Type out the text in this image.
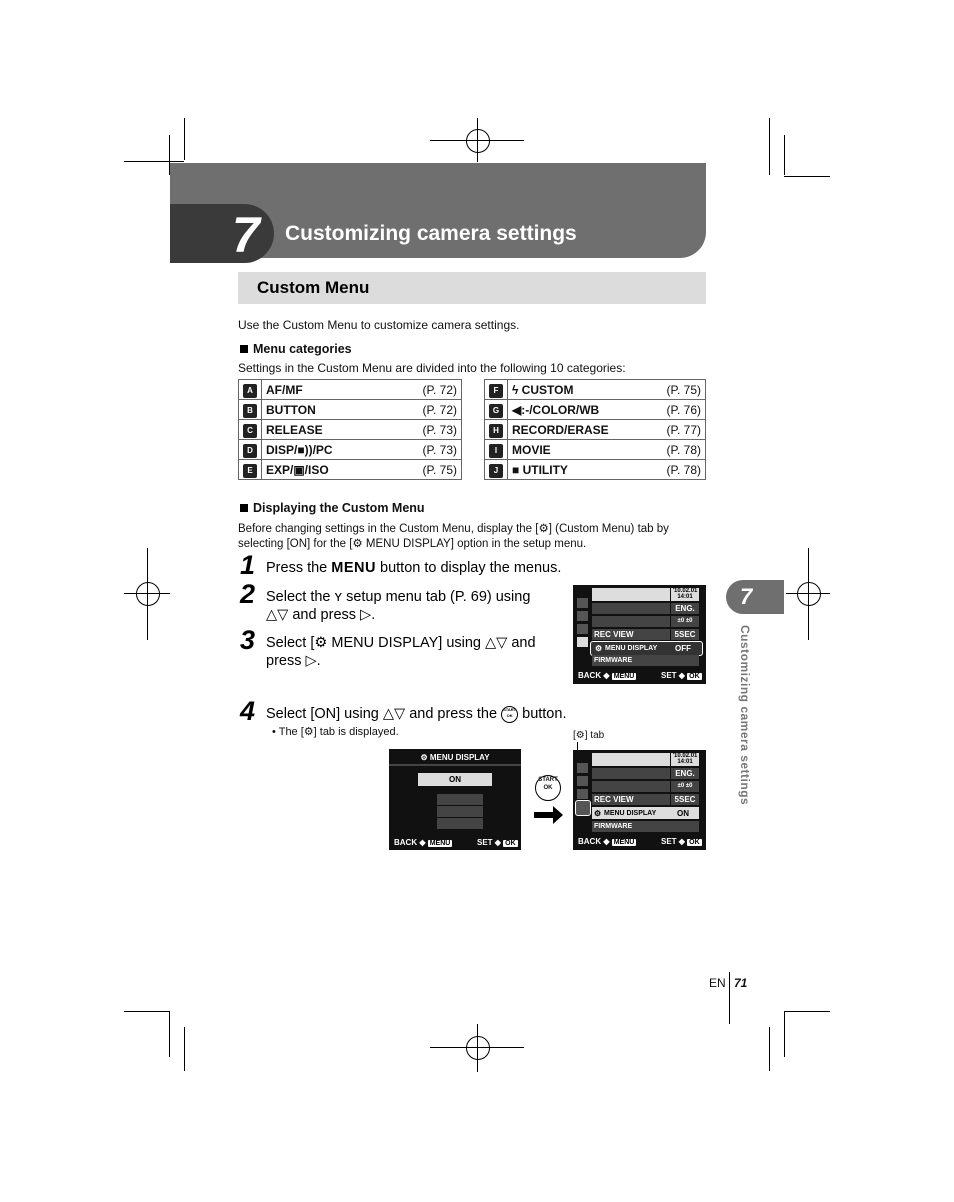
7 Customizing camera settings
Custom Menu
Use the Custom Menu to customize camera settings.
Menu categories
Settings in the Custom Menu are divided into the following 10 categories:
A	AF/MF	(P. 72)
B	BUTTON	(P. 72)
C	RELEASE	(P. 73)
D	DISP/■))/PC	(P. 73)
E	EXP/▣/ISO	(P. 75)
F	ϟ CUSTOM	(P. 75)
G	◀:-/COLOR/WB	(P. 76)
H	RECORD/ERASE	(P. 77)
I	MOVIE	(P. 78)
J	■ UTILITY	(P. 78)
Displaying the Custom Menu
Before changing settings in the Custom Menu, display the [⚙] (Custom Menu) tab by
selecting [ON] for the [⚙ MENU DISPLAY] option in the setup menu.
1 Press the MENU button to display the menus.
2 Select the ʏ setup menu tab (P. 69) using
△▽ and press ▷.
3 Select [⚙ MENU DISPLAY] using △▽ and
press ▷.
4 Select [ON] using △▽ and press the START
OK button.
• The [⚙] tab is displayed.
'10.02.01
14:01
ENG.
±0 ±0
REC VIEW	5SEC
⚙ MENU DISPLAY OFF
FIRMWARE
BACK ◆ MENU	SET ◆ OK
⚙ MENU DISPLAY
ON
BACK ◆ MENU	SET ◆ OK
START
OK
[⚙] tab
'10.02.01
14:01
ENG.
±0 ±0
REC VIEW	5SEC
⚙ MENU DISPLAY	ON
FIRMWARE
BACK ◆ MENU	SET ◆ OK
7
Customizing camera settings
EN 71
